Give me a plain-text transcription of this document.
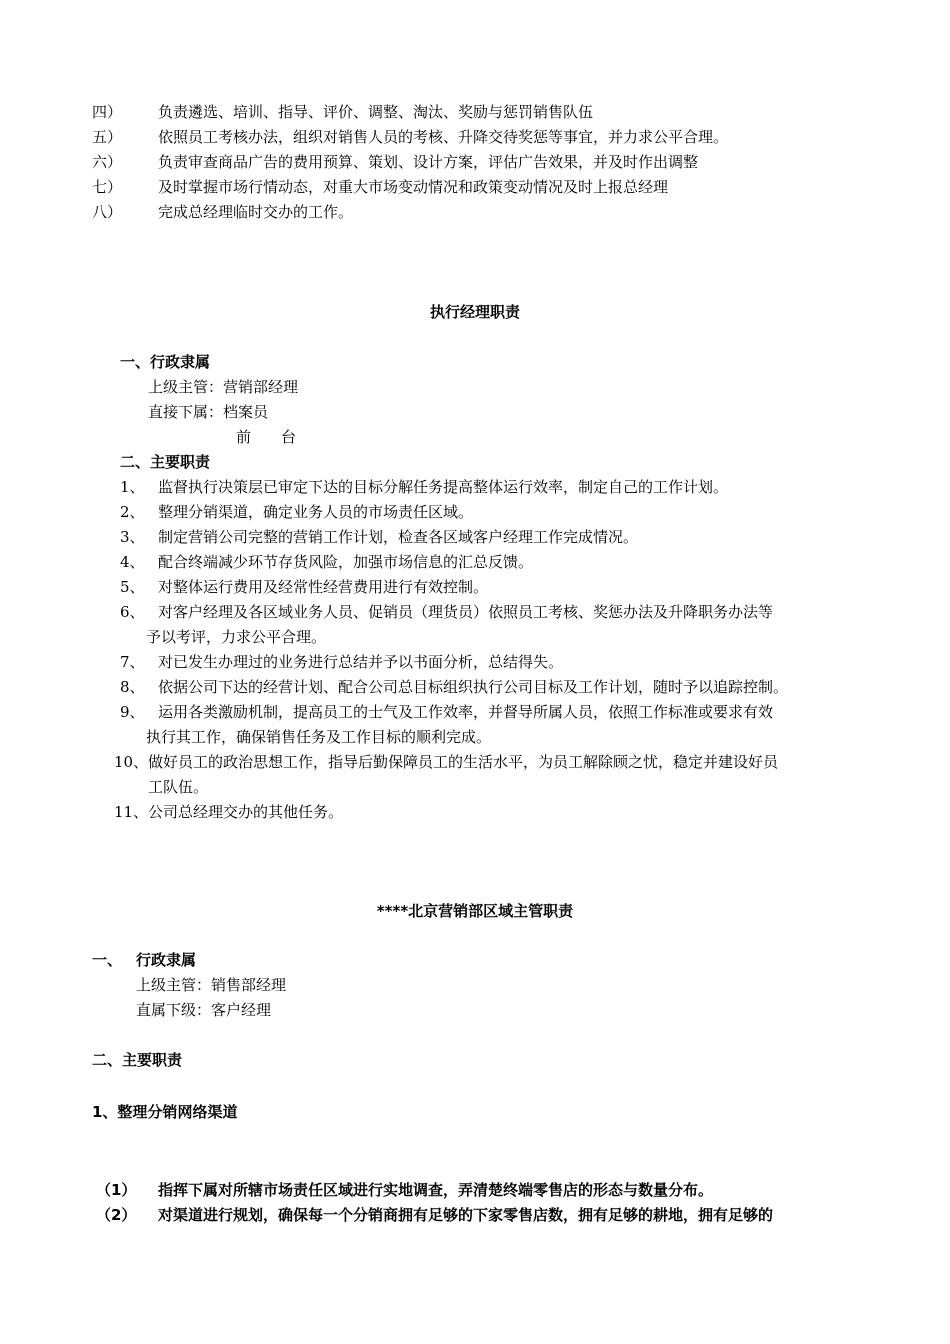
四） 负责遴选、培训、指导、评价、调整、淘汰、奖励与惩罚销售队伍
五） 依照员工考核办法，组织对销售人员的考核、升降交待奖惩等事宜，并力求公平合理。
六） 负责审查商品广告的费用预算、策划、设计方案，评估广告效果，并及时作出调整
七） 及时掌握市场行情动态，对重大市场变动情况和政策变动情况及时上报总经理
八） 完成总经理临时交办的工作。
执行经理职责
一、行政隶属
上级主管：营销部经理
直接下属：档案员
前　　台
二、主要职责
1、 监督执行决策层已审定下达的目标分解任务提高整体运行效率，制定自己的工作计划。
2、 整理分销渠道，确定业务人员的市场责任区域。
3、 制定营销公司完整的营销工作计划，检查各区域客户经理工作完成情况。
4、 配合终端减少环节存货风险，加强市场信息的汇总反馈。
5、 对整体运行费用及经常性经营费用进行有效控制。
6、 对客户经理及各区域业务人员、促销员（理货员）依照员工考核、奖惩办法及升降职务办法等
予以考评，力求公平合理。
7、 对已发生办理过的业务进行总结并予以书面分析，总结得失。
8、 依据公司下达的经营计划、配合公司总目标组织执行公司目标及工作计划，随时予以追踪控制。
9、 运用各类激励机制，提高员工的士气及工作效率，并督导所属人员，依照工作标准或要求有效
执行其工作，确保销售任务及工作目标的顺利完成。
10、 做好员工的政治思想工作，指导后勤保障员工的生活水平，为员工解除顾之忧，稳定并建设好员
工队伍。
11、 公司总经理交办的其他任务。
****北京营销部区域主管职责
一、 行政隶属
上级主管：销售部经理
直属下级：客户经理
二、主要职责
1、整理分销网络渠道
（1） 指挥下属对所辖市场责任区域进行实地调查，弄清楚终端零售店的形态与数量分布。
（2） 对渠道进行规划，确保每一个分销商拥有足够的下家零售店数，拥有足够的耕地，拥有足够的
